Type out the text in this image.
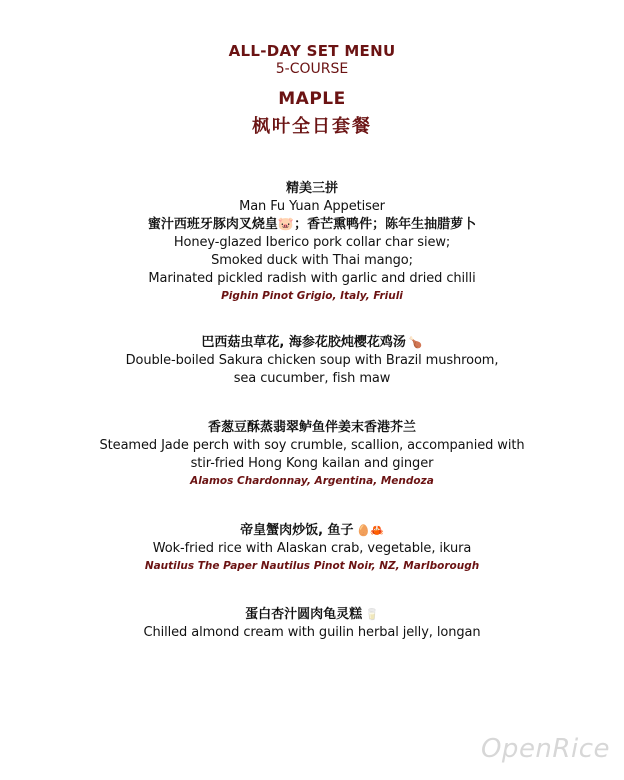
ALL-DAY SET MENU
5-COURSE
MAPLE
枫叶全日套餐
精美三拼
Man Fu Yuan Appetiser
蜜汁西班牙豚肉叉烧皇🐷；香芒熏鸭件；陈年生抽腊萝卜
Honey-glazed Iberico pork collar char siew;
Smoked duck with Thai mango;
Marinated pickled radish with garlic and dried chilli
Pighin Pinot Grigio, Italy, Friuli
巴西菇虫草花, 海参花胶炖樱花鸡汤 🍗
Double-boiled Sakura chicken soup with Brazil mushroom,
sea cucumber, fish maw
香葱豆酥蒸翡翠鲈鱼伴姜末香港芥兰
Steamed Jade perch with soy crumble, scallion, accompanied with
stir-fried Hong Kong kailan and ginger
Alamos Chardonnay, Argentina, Mendoza
帝皇蟹肉炒饭, 鱼子 🥚🦀
Wok-fried rice with Alaskan crab, vegetable, ikura
Nautilus The Paper Nautilus Pinot Noir, NZ, Marlborough
蛋白杏汁圆肉龟灵糕 🥛
Chilled almond cream with guilin herbal jelly, longan
OpenRice
